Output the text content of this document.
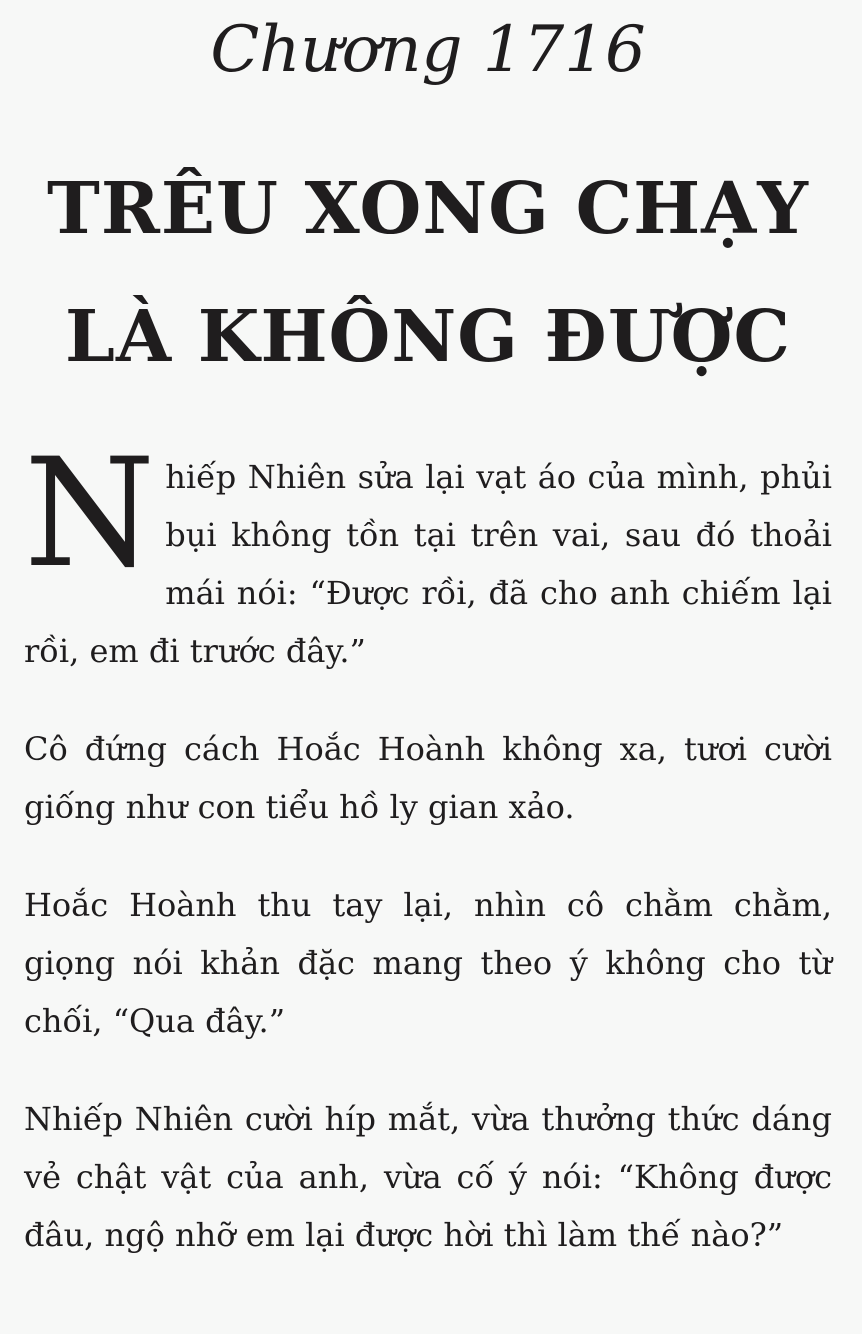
Chương 1716
TRÊU XONG CHẠY
LÀ KHÔNG ĐƯỢC

Nhiếp Nhiên sửa lại vạt áo của mình, phủi bụi không tồn tại trên vai, sau đó thoải mái nói: “Được rồi, đã cho anh chiếm lại rồi, em đi trước đây.”

Cô đứng cách Hoắc Hoành không xa, tươi cười giống như con tiểu hồ ly gian xảo.

Hoắc Hoành thu tay lại, nhìn cô chằm chằm, giọng nói khản đặc mang theo ý không cho từ chối, “Qua đây.”

Nhiếp Nhiên cười híp mắt, vừa thưởng thức dáng vẻ chật vật của anh, vừa cố ý nói: “Không được đâu, ngộ nhỡ em lại được hời thì làm thế nào?”
